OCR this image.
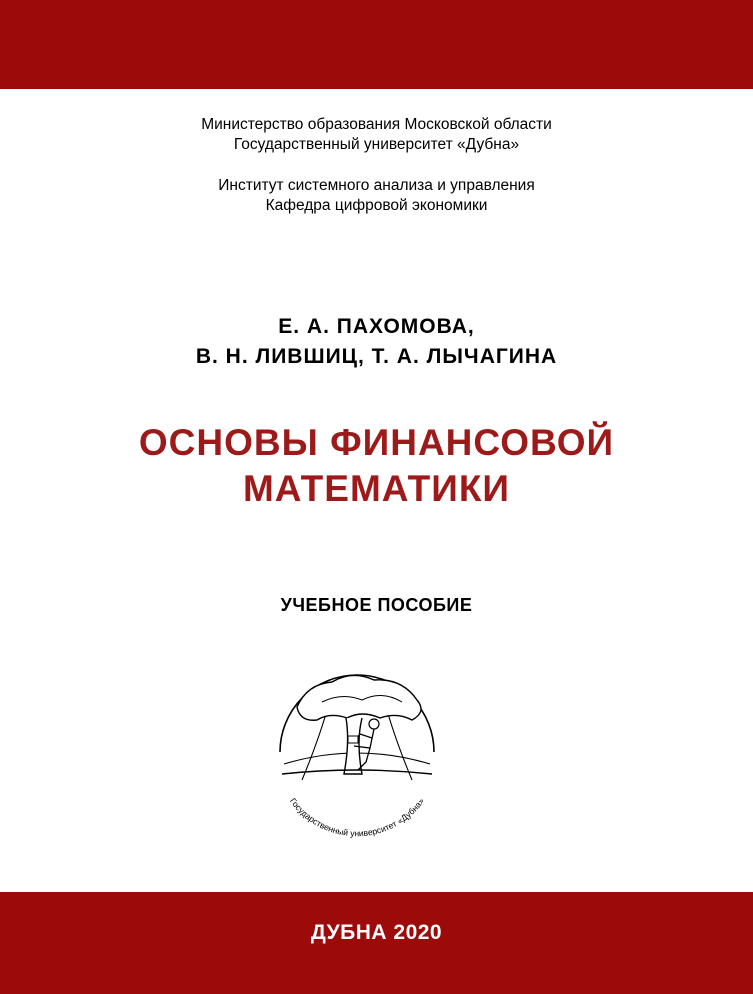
Министерство образования Московской области
Государственный университет «Дубна»
Институт системного анализа и управления
Кафедра цифровой экономики
Е. А. ПАХОМОВА,
В. Н. ЛИВШИЦ, Т. А. ЛЫЧАГИНА
ОСНОВЫ ФИНАНСОВОЙ
МАТЕМАТИКИ
УЧЕБНОЕ ПОСОБИЕ
Государственный университет «Дубна»
ДУБНА 2020
